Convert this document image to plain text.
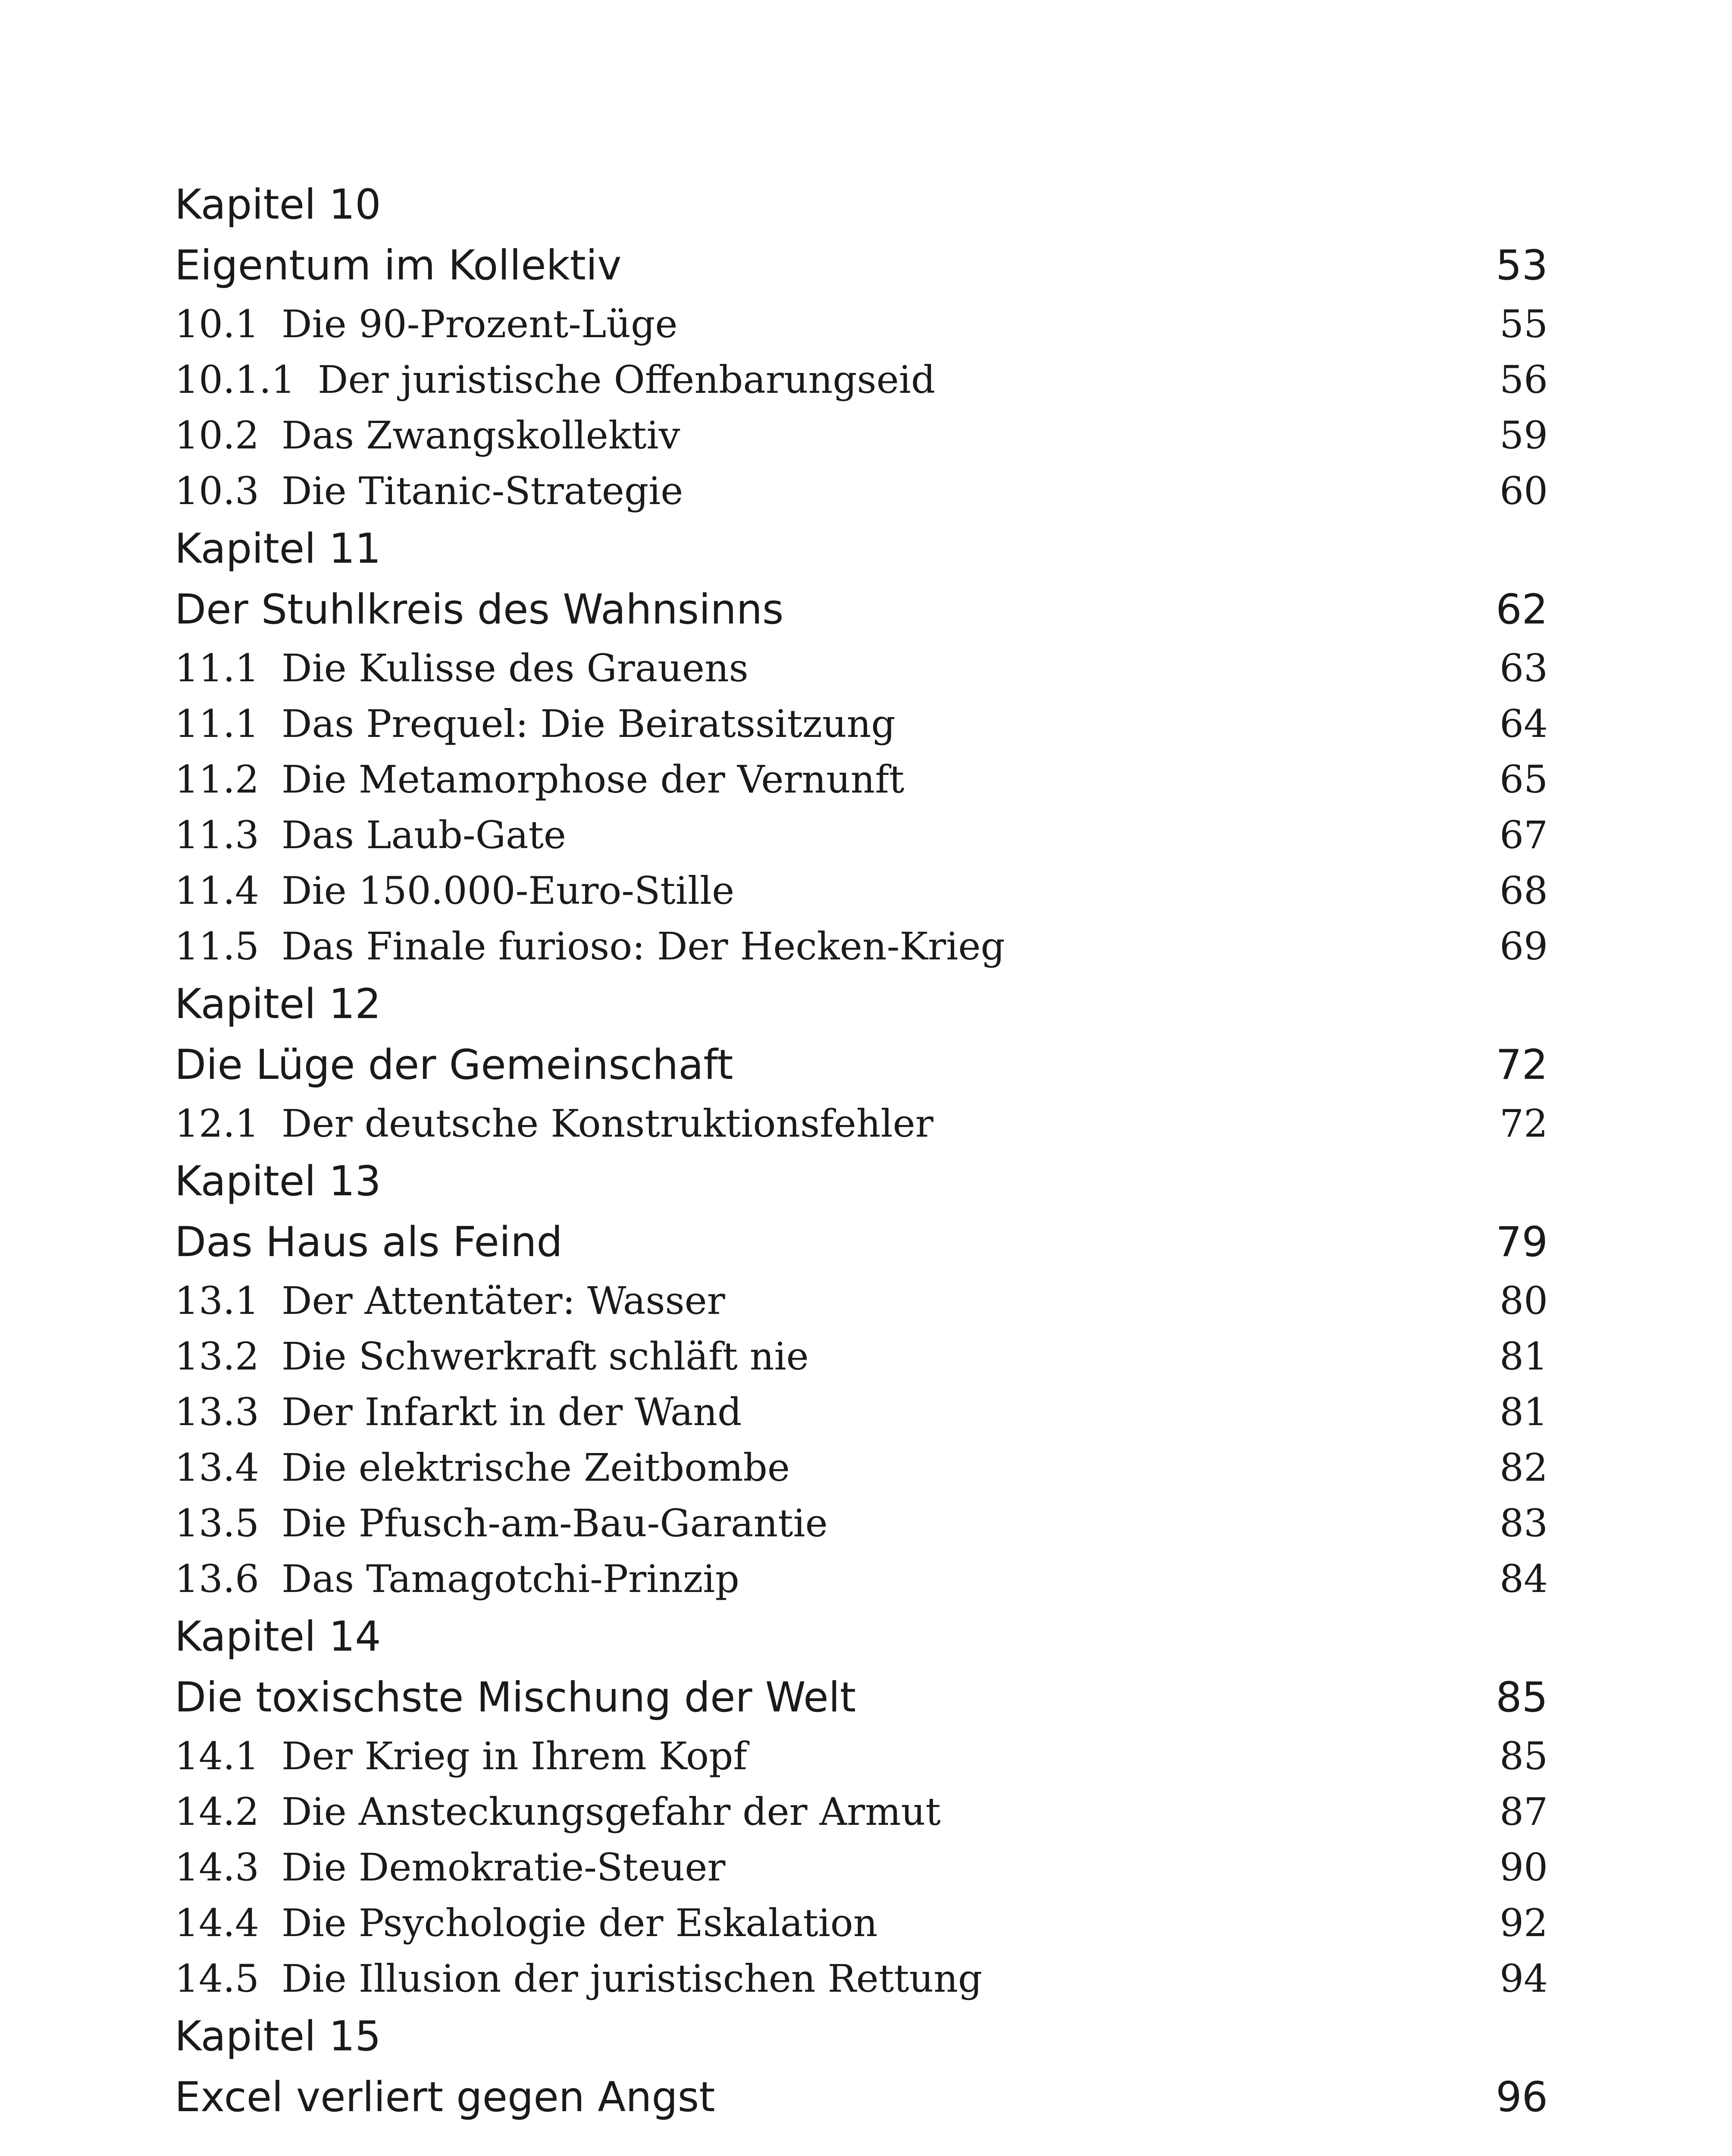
Kapitel 10
Eigentum im Kollektiv	53
10.1 Die 90-Prozent-Lüge	55
10.1.1 Der juristische Offenbarungseid	56
10.2 Das Zwangskollektiv	59
10.3 Die Titanic-Strategie	60
Kapitel 11
Der Stuhlkreis des Wahnsinns	62
11.1 Die Kulisse des Grauens	63
11.1 Das Prequel: Die Beiratssitzung	64
11.2 Die Metamorphose der Vernunft	65
11.3 Das Laub-Gate	67
11.4 Die 150.000-Euro-Stille	68
11.5 Das Finale furioso: Der Hecken-Krieg	69
Kapitel 12
Die Lüge der Gemeinschaft	72
12.1 Der deutsche Konstruktionsfehler	72
Kapitel 13
Das Haus als Feind	79
13.1 Der Attentäter: Wasser	80
13.2 Die Schwerkraft schläft nie	81
13.3 Der Infarkt in der Wand	81
13.4 Die elektrische Zeitbombe	82
13.5 Die Pfusch-am-Bau-Garantie	83
13.6 Das Tamagotchi-Prinzip	84
Kapitel 14
Die toxischste Mischung der Welt	85
14.1 Der Krieg in Ihrem Kopf	85
14.2 Die Ansteckungsgefahr der Armut	87
14.3 Die Demokratie-Steuer	90
14.4 Die Psychologie der Eskalation	92
14.5 Die Illusion der juristischen Rettung	94
Kapitel 15
Excel verliert gegen Angst	96
